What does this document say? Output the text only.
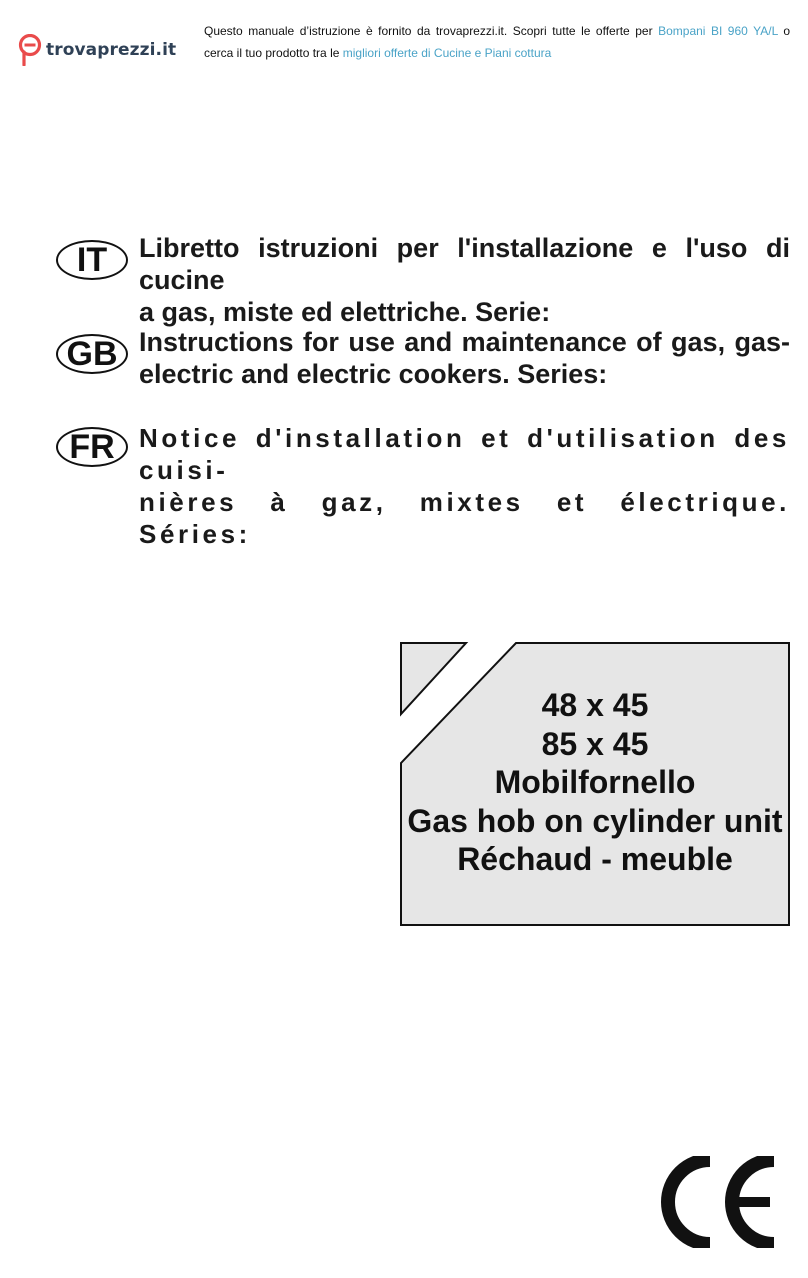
trovaprezzi.it
Questo manuale d’istruzione è fornito da trovaprezzi.it. Scopri tutte le offerte per Bompani BI 960 YA/L o
cerca il tuo prodotto tra le migliori offerte di Cucine e Piani cottura
IT	Libretto istruzioni per l'installazione e l'uso di cucine
a gas, miste ed elettriche. Serie:
GB Instructions for use and maintenance of gas, gas-
electric and electric cookers. Series:
FR Notice d'installation et d'utilisation des cuisi-
nières à gaz, mixtes et électrique. Séries:
48 x 45
85 x 45
Mobilfornello
Gas hob on cylinder unit
Réchaud - meuble
